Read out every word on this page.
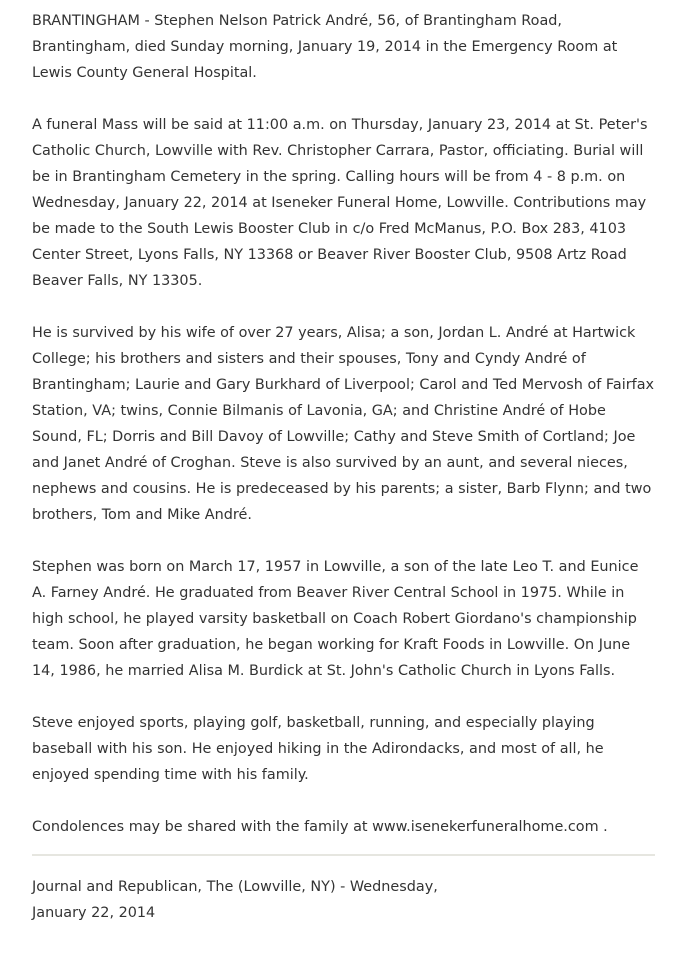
BRANTINGHAM - Stephen Nelson Patrick André, 56, of Brantingham Road, Brantingham, died Sunday morning, January 19, 2014 in the Emergency Room at Lewis County General Hospital.

A funeral Mass will be said at 11:00 a.m. on Thursday, January 23, 2014 at St. Peter's Catholic Church, Lowville with Rev. Christopher Carrara, Pastor, officiating. Burial will be in Brantingham Cemetery in the spring. Calling hours will be from 4 - 8 p.m. on Wednesday, January 22, 2014 at Iseneker Funeral Home, Lowville. Contributions may be made to the South Lewis Booster Club in c/o Fred McManus, P.O. Box 283, 4103 Center Street, Lyons Falls, NY 13368 or Beaver River Booster Club, 9508 Artz Road Beaver Falls, NY 13305.

He is survived by his wife of over 27 years, Alisa; a son, Jordan L. André at Hartwick College; his brothers and sisters and their spouses, Tony and Cyndy André of Brantingham; Laurie and Gary Burkhard of Liverpool; Carol and Ted Mervosh of Fairfax Station, VA; twins, Connie Bilmanis of Lavonia, GA; and Christine André of Hobe Sound, FL; Dorris and Bill Davoy of Lowville; Cathy and Steve Smith of Cortland; Joe and Janet André of Croghan. Steve is also survived by an aunt, and several nieces, nephews and cousins. He is predeceased by his parents; a sister, Barb Flynn; and two brothers, Tom and Mike André.

Stephen was born on March 17, 1957 in Lowville, a son of the late Leo T. and Eunice A. Farney André. He graduated from Beaver River Central School in 1975. While in high school, he played varsity basketball on Coach Robert Giordano's championship team. Soon after graduation, he began working for Kraft Foods in Lowville. On June 14, 1986, he married Alisa M. Burdick at St. John's Catholic Church in Lyons Falls.

Steve enjoyed sports, playing golf, basketball, running, and especially playing baseball with his son. He enjoyed hiking in the Adirondacks, and most of all, he enjoyed spending time with his family.

Condolences may be shared with the family at www.isenekerfuneralhome.com .

Journal and Republican, The (Lowville, NY) - Wednesday,
January 22, 2014
